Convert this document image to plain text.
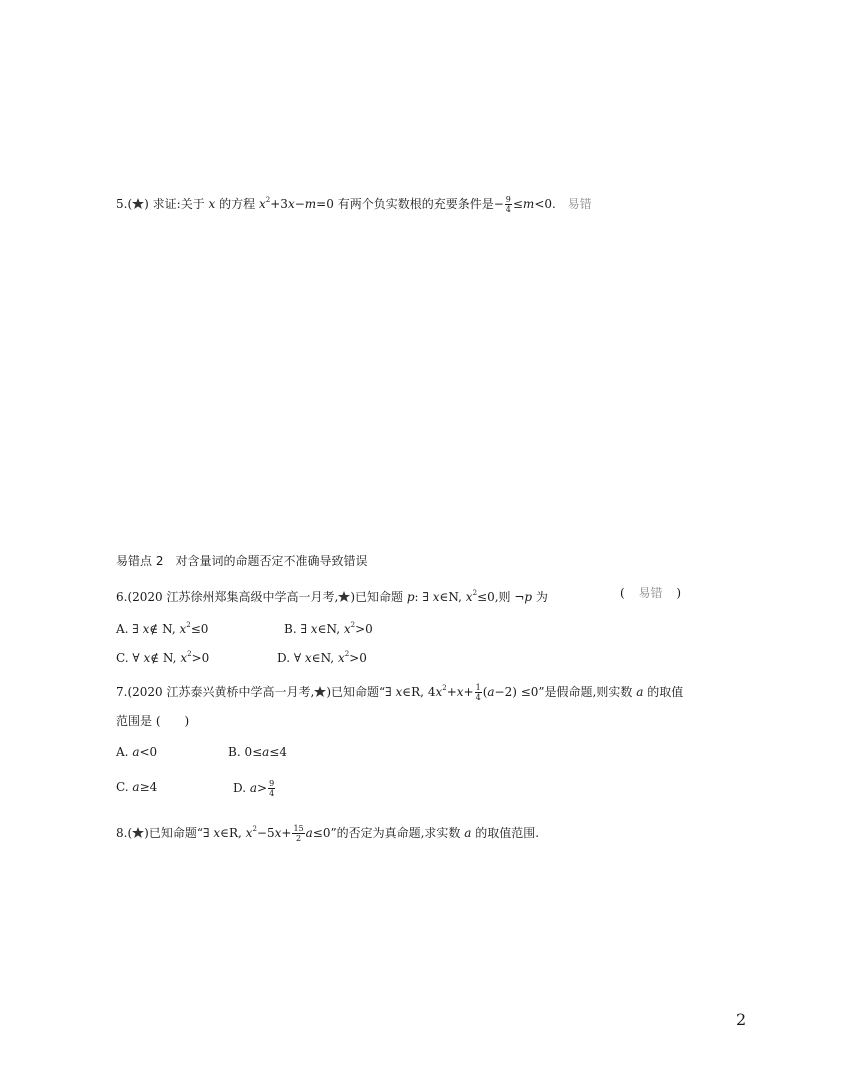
5.( ) 求证:关于 x 的方程 $x^2+3x-m=0$ 有两个负实数根的充要条件是− $\frac{9}{4} \le m<0$. 易错
易错点 2　对含量词的命题否定不准确导致错误
6.(2020 江苏徐州郑集高级中学高一月考, )已知命题 p: ∃ x∈N, $x^2\le 0$,则 ¬p 为	( 易错 )
A. ∃ x∉ N, $x^2\le 0$	B. ∃ x∈N, $x^2>0$
C. ∀ x∉ N, $x^2>0$	D. ∀ x∈N, $x^2>0$
7.(2020 江苏泰兴黄桥中学高一月考, )已知命题“∃ x∈R, $4x^2+x+ \frac{1}{4} (a-2) \le 0$”是假命题,则实数 a 的取值
范围是 (　　)
A. a<0	B. 0≤a≤4
C. a≥4	D. $a> \frac{9}{4}$
8.( )已知命题“∃ x∈R, $x^2-5x+ \frac{15}{2} a\le 0$”的否定为真命题,求实数 a 的取值范围.
2
